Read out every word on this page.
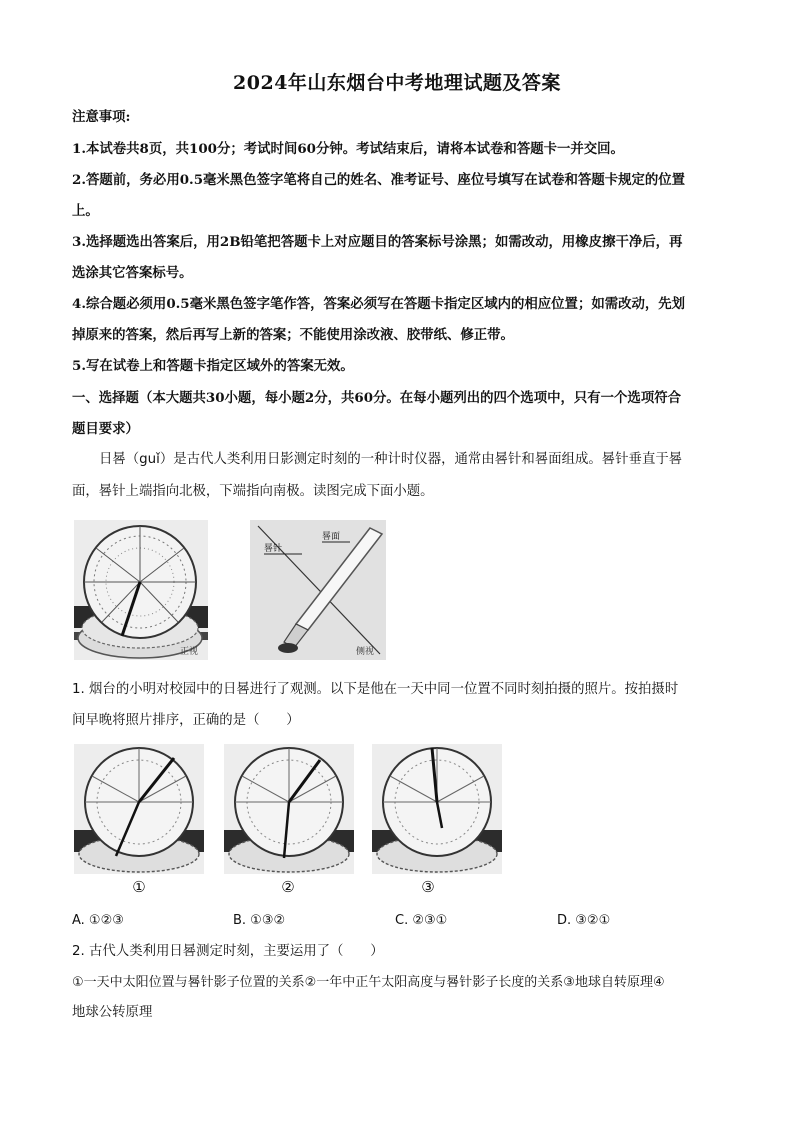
2024年山东烟台中考地理试题及答案
注意事项:
1.本试卷共8页，共100分；考试时间60分钟。考试结束后，请将本试卷和答题卡一并交回。
2.答题前，务必用0.5毫米黑色签字笔将自己的姓名、准考证号、座位号填写在试卷和答题卡规定的位置
上。
3.选择题选出答案后，用2B铅笔把答题卡上对应题目的答案标号涂黑；如需改动，用橡皮擦干净后，再
选涂其它答案标号。
4.综合题必须用0.5毫米黑色签字笔作答，答案必须写在答题卡指定区域内的相应位置；如需改动，先划
掉原来的答案，然后再写上新的答案；不能使用涂改液、胶带纸、修正带。
5.写在试卷上和答题卡指定区域外的答案无效。
一、选择题（本大题共30小题，每小题2分，共60分。在每小题列出的四个选项中，只有一个选项符合
题目要求）
日晷（guǐ）是古代人类利用日影测定时刻的一种计时仪器，通常由晷针和晷面组成。晷针垂直于晷
面，晷针上端指向北极，下端指向南极。读图完成下面小题。
正视
晷针
晷面
侧视
1. 烟台的小明对校园中的日晷进行了观测。以下是他在一天中同一位置不同时刻拍摄的照片。按拍摄时
间早晚将照片排序，正确的是（　　）
①	②	③
A. ①②③	B. ①③②	C. ②③①	D. ③②①
2. 古代人类利用日晷测定时刻，主要运用了（　　）
①一天中太阳位置与晷针影子位置的关系②一年中正午太阳高度与晷针影子长度的关系③地球自转原理④
地球公转原理
